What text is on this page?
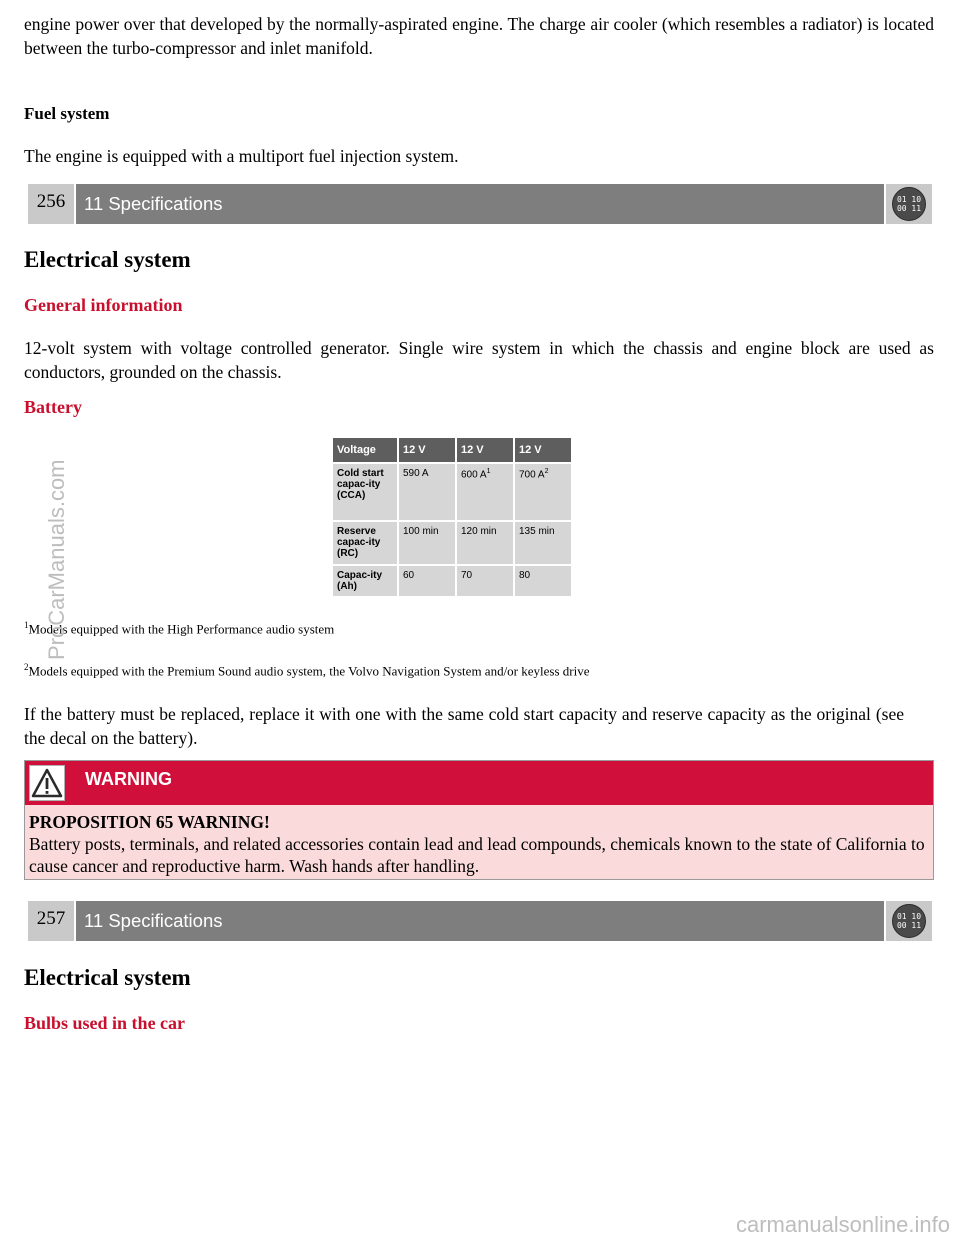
engine power over that developed by the normally-aspirated engine. The charge air cooler (which resembles a radiator) is located between the turbo-compressor and inlet manifold.

Fuel system

The engine is equipped with a multiport fuel injection system.

256	11 Specifications	01 10
00 11

Electrical system

General information

12-volt system with voltage controlled generator. Single wire system in which the chassis and engine block are used as conductors, grounded on the chassis.

Battery

Voltage	12 V	12 V	12 V
Cold start capac-ity (CCA)	590 A	600 $A^1$	700 $A^2$
Reserve capac-ity (RC)	100 min	120 min	135 min
Capac-ity (Ah)	60	70	80

$^1$Models equipped with the High Performance audio system

$^2$Models equipped with the Premium Sound audio system, the Volvo Navigation System and/or keyless drive

If the battery must be replaced, replace it with one with the same cold start capacity and reserve capacity as the original (see the decal on the battery).

WARNING
PROPOSITION 65 WARNING!
Battery posts, terminals, and related accessories contain lead and lead compounds, chemicals known to the state of California to cause cancer and reproductive harm. Wash hands after handling.
257	11 Specifications	01 10
00 11

Electrical system

Bulbs used in the car

ProCarManuals.com
carmanualsonline.info
